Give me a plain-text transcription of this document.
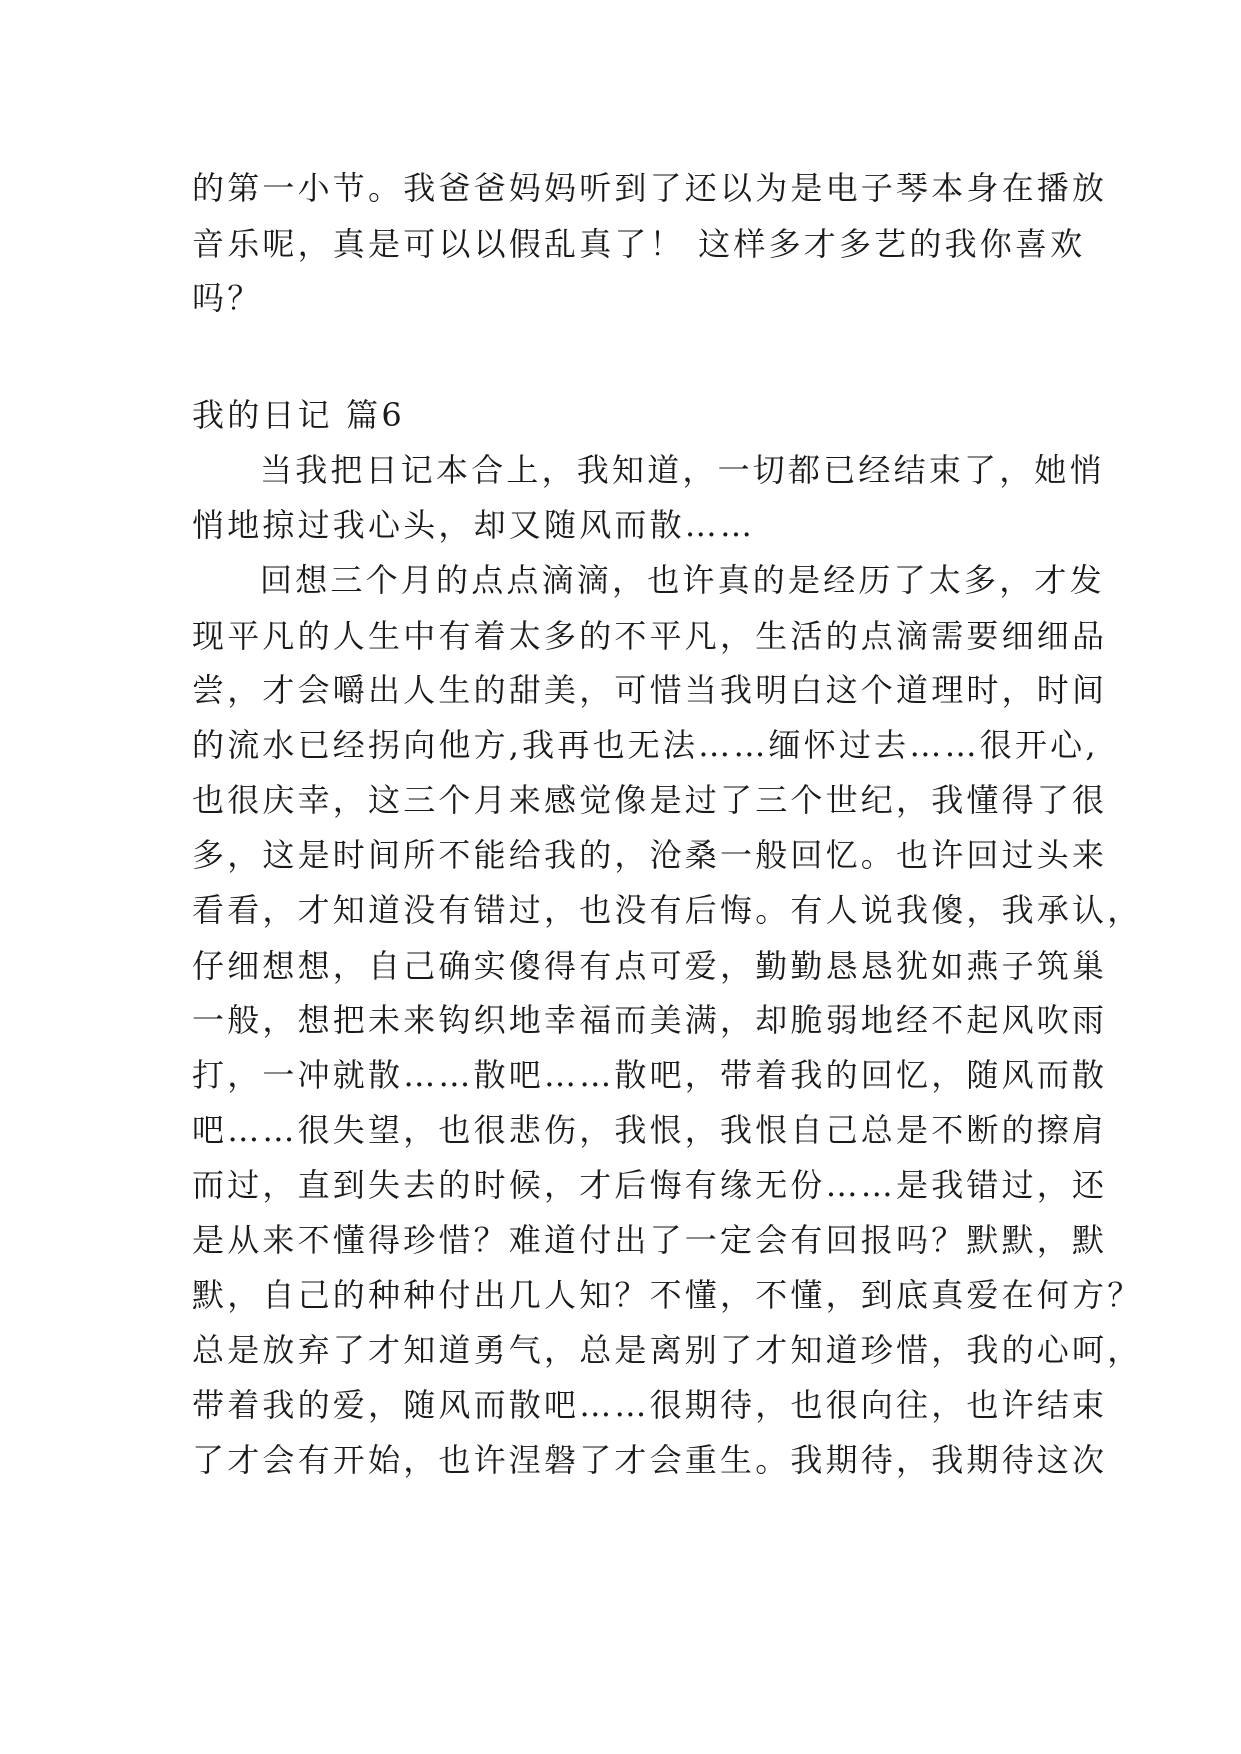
的第一小节。我爸爸妈妈听到了还以为是电子琴本身在播放
音乐呢，真是可以以假乱真了！ 这样多才多艺的我你喜欢
吗？
我的日记 篇6
当我把日记本合上，我知道，一切都已经结束了，她悄
悄地掠过我心头，却又随风而散……
回想三个月的点点滴滴，也许真的是经历了太多，才发
现平凡的人生中有着太多的不平凡，生活的点滴需要细细品
尝，才会嚼出人生的甜美，可惜当我明白这个道理时，时间
的流水已经拐向他方,我再也无法……缅怀过去……很开心,
也很庆幸，这三个月来感觉像是过了三个世纪，我懂得了很
多，这是时间所不能给我的，沧桑一般回忆。也许回过头来
看看，才知道没有错过，也没有后悔。有人说我傻，我承认，
仔细想想，自己确实傻得有点可爱，勤勤恳恳犹如燕子筑巢
一般，想把未来钩织地幸福而美满，却脆弱地经不起风吹雨
打，一冲就散……散吧……散吧，带着我的回忆，随风而散
吧……很失望，也很悲伤，我恨，我恨自己总是不断的擦肩
而过，直到失去的时候，才后悔有缘无份……是我错过，还
是从来不懂得珍惜？难道付出了一定会有回报吗？默默，默
默，自己的种种付出几人知？不懂，不懂，到底真爱在何方？
总是放弃了才知道勇气，总是离别了才知道珍惜，我的心呵，
带着我的爱，随风而散吧……很期待，也很向往，也许结束
了才会有开始，也许涅磐了才会重生。我期待，我期待这次
